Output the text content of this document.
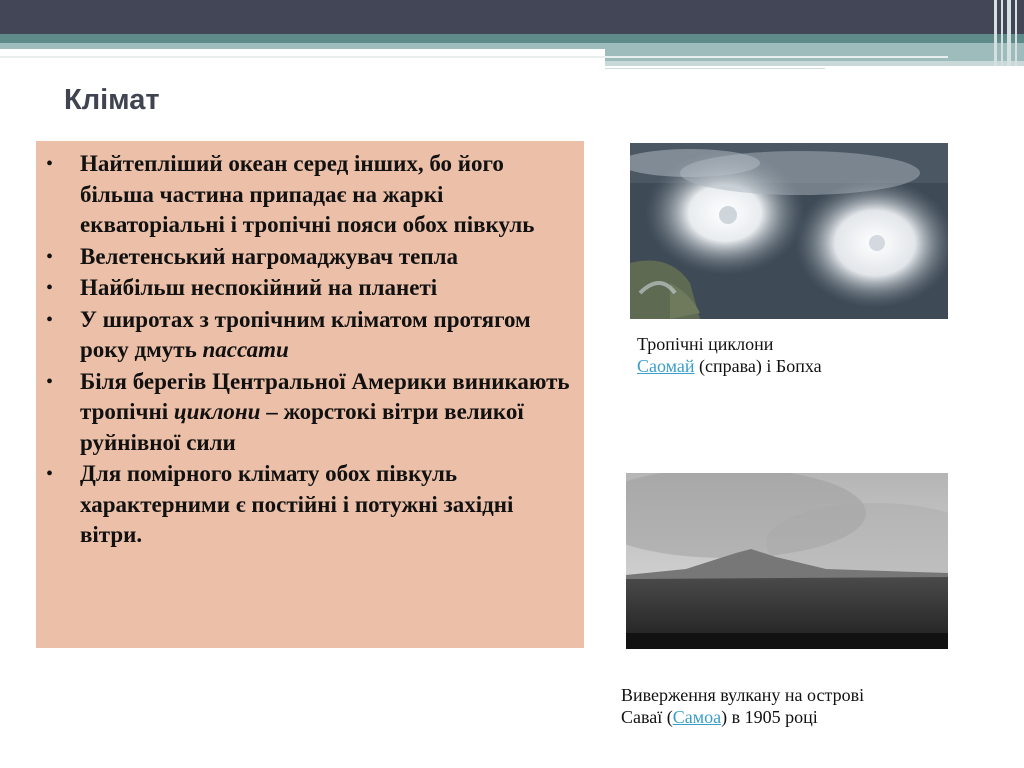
Клімат
• Найтепліший океан серед інших, бо його більша частина припадає на жаркі екваторіальні і тропічні пояси обох півкуль
• Велетенський нагромаджувач тепла
• Найбільш неспокійний на планеті
• У широтах з тропічним кліматом протягом року дмуть пассати
• Біля берегів Центральної Америки виникають тропічні циклони – жорстокі вітри великої руйнівної сили
• Для помірного клімату обох півкуль характерними є постійні і потужні західні вітри.
Тропічні циклони
Саомай (справа) і Бопха
Виверження вулкану на острові
Саваї (Самоа) в 1905 році
